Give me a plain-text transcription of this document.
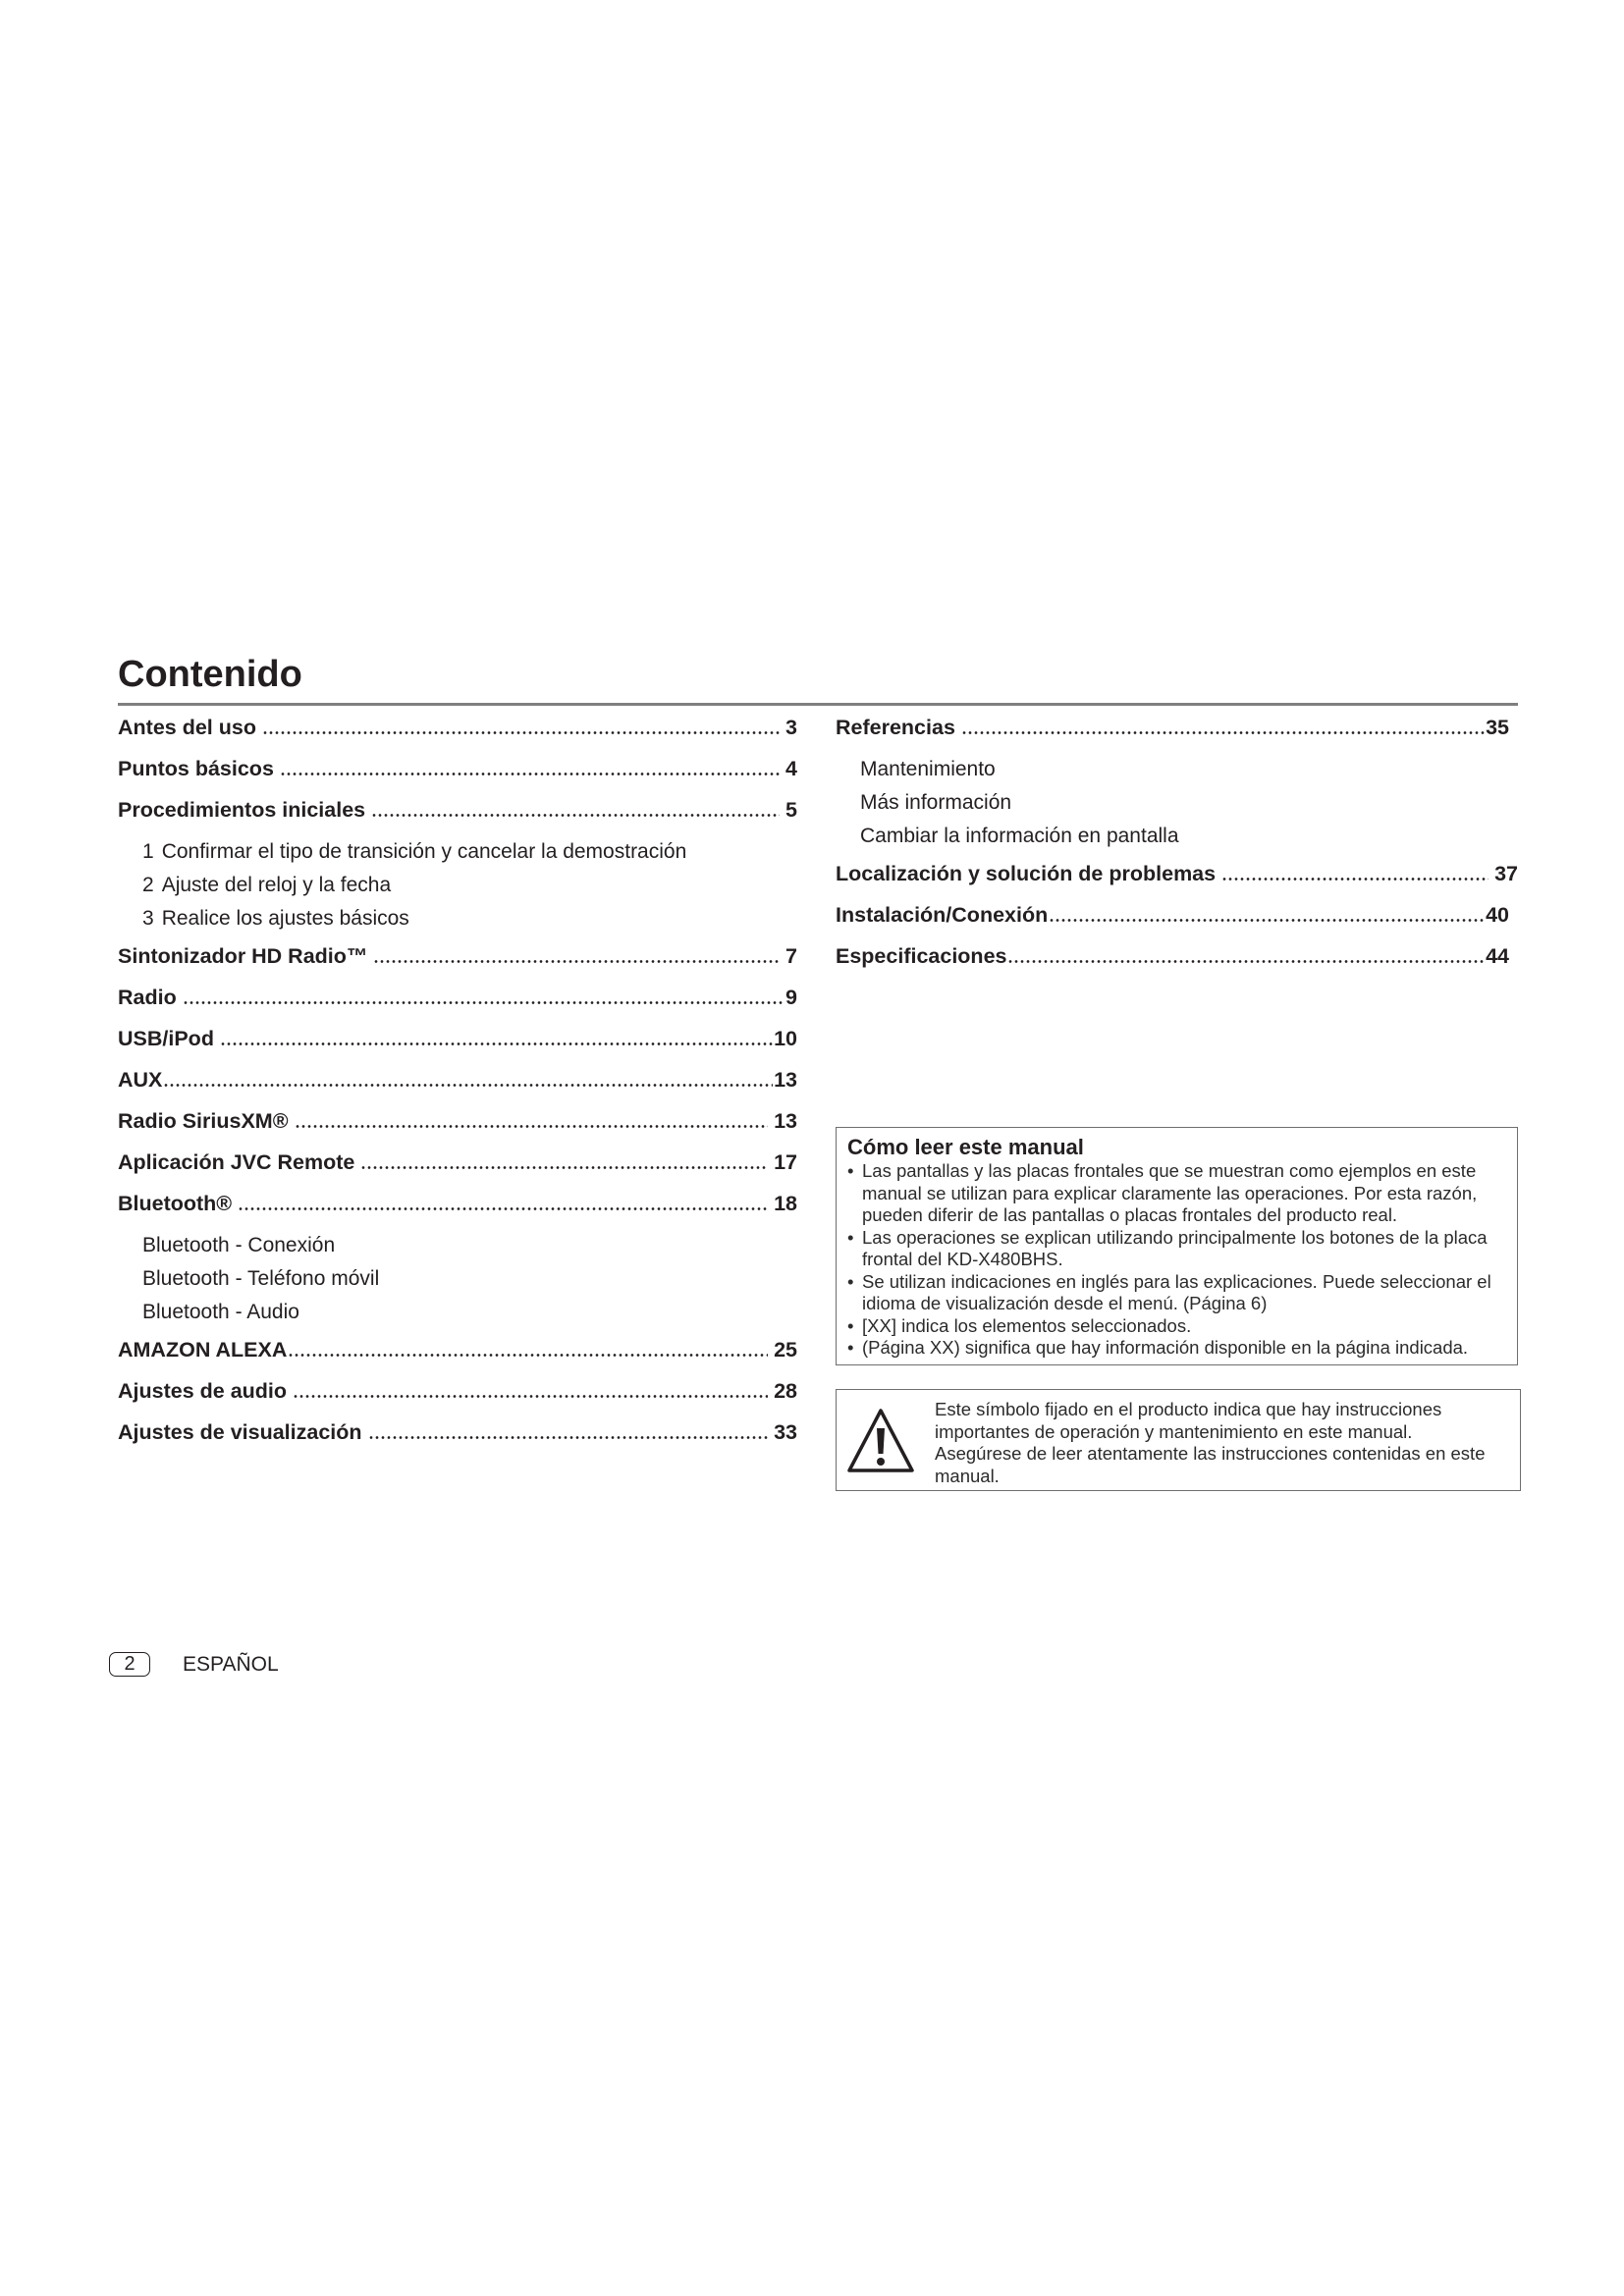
Contenido
Antes del uso	3
Puntos básicos	4
Procedimientos iniciales	5
1 Confirmar el tipo de transición y cancelar la demostración
2 Ajuste del reloj y la fecha
3 Realice los ajustes básicos
Sintonizador HD Radio™	7
Radio	9
USB/iPod	10
AUX	13
Radio SiriusXM®	13
Aplicación JVC Remote	17
Bluetooth®	18
Bluetooth - Conexión
Bluetooth - Teléfono móvil
Bluetooth - Audio
AMAZON ALEXA	25
Ajustes de audio	28
Ajustes de visualización	33
Referencias	35
Mantenimiento
Más información
Cambiar la información en pantalla
Localización y solución de problemas	37
Instalación/Conexión	40
Especificaciones	44
Cómo leer este manual
• Las pantallas y las placas frontales que se muestran como ejemplos en este manual se utilizan para explicar claramente las operaciones. Por esta razón, pueden diferir de las pantallas o placas frontales del producto real.
• Las operaciones se explican utilizando principalmente los botones de la placa frontal del KD-X480BHS.
• Se utilizan indicaciones en inglés para las explicaciones. Puede seleccionar el idioma de visualización desde el menú. (Página 6)
• [XX] indica los elementos seleccionados.
• (Página XX) significa que hay información disponible en la página indicada.

Este símbolo fijado en el producto indica que hay instrucciones importantes de operación y mantenimiento en este manual.

Asegúrese de leer atentamente las instrucciones contenidas en este manual.

2	ESPAÑOL
